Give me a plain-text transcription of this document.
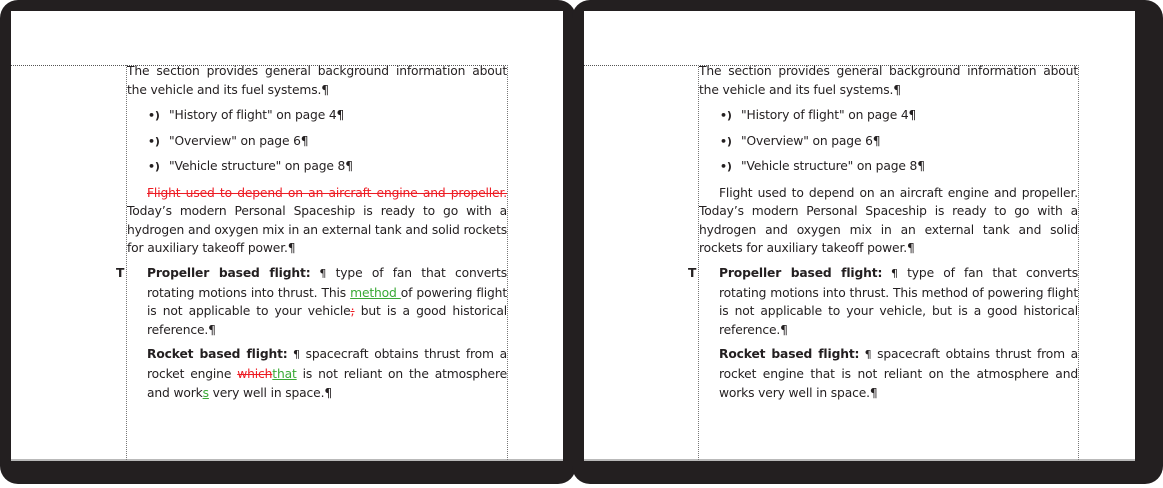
The section provides general background information about the vehicle and its fuel systems.¶

•) "History of flight" on page 4¶

•) "Overview" on page 6¶

•) "Vehicle structure" on page 8¶

Flight used to depend on an aircraft engine and propeller. Today’s modern Personal Spaceship is ready to go with a hydrogen and oxygen mix in an external tank and solid rockets for auxiliary takeoff power.¶

T Propeller based flight: ¶ type of fan that converts rotating motions into thrust. This method of powering flight is not applicable to your vehicle; but is a good historical reference.¶

Rocket based flight: ¶ spacecraft obtains thrust from a rocket engine whichthat is not reliant on the atmosphere and works very well in space.¶

The section provides general background information about the vehicle and its fuel systems.¶

•) "History of flight" on page 4¶

•) "Overview" on page 6¶

•) "Vehicle structure" on page 8¶

Flight used to depend on an aircraft engine and propeller. Today’s modern Personal Spaceship is ready to go with a hydrogen and oxygen mix in an external tank and solid rockets for auxiliary takeoff power.¶

T Propeller based flight: ¶ type of fan that converts rotating motions into thrust. This method of powering flight is not applicable to your vehicle, but is a good historical reference.¶

Rocket based flight: ¶ spacecraft obtains thrust from a rocket engine that is not reliant on the atmosphere and works very well in space.¶
